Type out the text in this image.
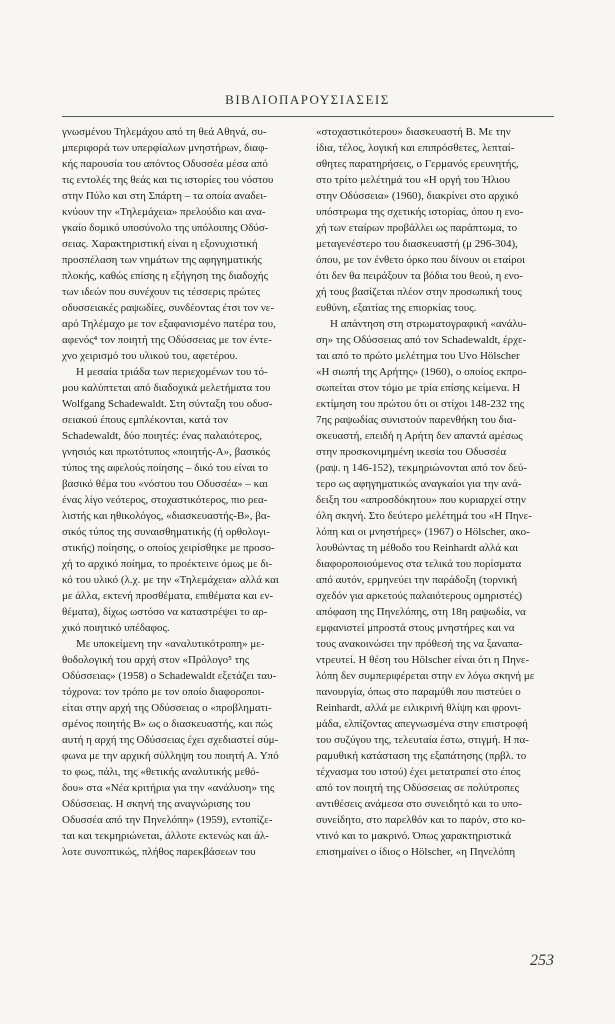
ΒΙΒΛΙΟΠΑΡΟΥΣΙΑΣΕΙΣ
γνωσμένου Τηλεμάχου από τη θεά Αθηνά, συ-
μπεριφορά των υπερφίαλων μνηστήρων, διαφ-
κής παρουσία του απόντος Οδυσσέα μέσα από
τις εντολές της θεάς και τις ιστορίες του νόστου
στην Πύλο και στη Σπάρτη – τα οποία αναδει-
κνύουν την «Τηλεμάχεια» πρελούδιο και ανα-
γκαίο δομικό υποσύνολο της υπόλοιπης Οδύσ-
σειας. Χαρακτηριστική είναι η εξονυχιστική
προσπέλαση των νημάτων της αφηγηματικής
πλοκής, καθώς επίσης η εξήγηση της διαδοχής
των ιδεών που συνέχουν τις τέσσερις πρώτες
οδυσσειακές ραψωδίες, συνδέοντας έτσι τον νε-
αρό Τηλέμαχο με τον εξαφανισμένο πατέρα του,
αφενός⁴ τον ποιητή της Οδύσσειας με τον έντε-
χνο χειρισμό του υλικού του, αφετέρου.
Η μεσαία τριάδα των περιεχομένων του τό-
μου καλύπτεται από διαδοχικά μελετήματα του
Wolfgang Schadewaldt. Στη σύνταξη του οδυσ-
σειακού έπους εμπλέκονται, κατά τον
Schadewaldt, δύο ποιητές: ένας παλαιότερος,
γνησιός και πρωτότυπος «ποιητής-Α», βασικός
τύπος της αφελούς ποίησης – δικό του είναι το
βασικό θέμα του «νόστου του Οδυσσέα» – και
ένας λίγο νεότερος, στοχαστικότερος, πιο ρεα-
λιστής και ηθικολόγος, «διασκευαστής-Β», βα-
σικός τύπος της συναισθηματικής (ή ορθολογι-
στικής) ποίησης, ο οποίος χειρίσθηκε με προσο-
χή το αρχικό ποίημα, το προέκτεινε όμως με δι-
κό του υλικό (λ.χ. με την «Τηλεμάχεια» αλλά και
με άλλα, εκτενή προσθέματα, επιθέματα και εν-
θέματα), δίχως ωστόσο να καταστρέψει το αρ-
χικό ποιητικό υπέδαφος.
Με υποκείμενη την «αναλυτικότροπη» με-
θοδολογική του αρχή στον «Πρόλογο⁵ της
Οδύσσειας» (1958) ο Schadewaldt εξετάζει ταυ-
τόχρονα: τον τρόπο με τον οποίο διαφοροποι-
είται στην αρχή της Οδύσσειας ο «προβληματι-
σμένος ποιητής Β» ως ο διασκευαστής, και πώς
αυτή η αρχή της Οδύσσειας έχει σχεδιαστεί σύμ-
φωνα με την αρχική σύλληψη του ποιητή Α. Υπό
το φως, πάλι, της «θετικής αναλυτικής μεθό-
δου» στα «Νέα κριτήρια για την «ανάλυση» της
Οδύσσειας. Η σκηνή της αναγνώρισης του
Οδυσσέα από την Πηνελόπη» (1959), εντοπίζε-
ται και τεκμηριώνεται, άλλοτε εκτενώς και άλ-
λοτε συνοπτικώς, πλήθος παρεκβάσεων του
«στοχαστικότερου» διασκευαστή Β. Με την
ίδια, τέλος, λογική και επιπρόσθετες, λεπταί-
σθητες παρατηρήσεις, ο Γερμανός ερευνητής,
στο τρίτο μελέτημά του «Η οργή του Ήλιου
στην Οδύσσεια» (1960), διακρίνει στο αρχικό
υπόστρωμα της σχετικής ιστορίας, όπου η ενο-
χή των εταίρων προβάλλει ως παράπτωμα, το
μεταγενέστερο του διασκευαστή (μ 296-304),
όπου, με τον ένθετο όρκο που δίνουν οι εταίροι
ότι δεν θα πειράξουν τα βόδια του θεού, η ενο-
χή τους βασίζεται πλέον στην προσωπική τους
ευθύνη, εξαιτίας της επιορκίας τους.
Η απάντηση στη στρωματογραφική «ανάλυ-
ση» της Οδύσσειας από τον Schadewaldt, έρχε-
ται από το πρώτο μελέτημα του Uvo Hölscher
«Η σιωπή της Αρήτης» (1960), ο οποίος εκπρο-
σωπείται στον τόμο με τρία επίσης κείμενα. Η
εκτίμηση του πρώτου ότι οι στίχοι 148-232 της
7ης ραψωδίας συνιστούν παρενθήκη του δια-
σκευαστή, επειδή η Αρήτη δεν απαντά αμέσως
στην προσκονιμημένη ικεσία του Οδυσσέα
(ραψ. η 146-152), τεκμηριώνονται από τον δεύ-
τερο ως αφηγηματικώς αναγκαίοι για την ανά-
δειξη του «απροσδόκητου» που κυριαρχεί στην
όλη σκηνή. Στο δεύτερο μελέτημά του «Η Πηνε-
λόπη και οι μνηστήρες» (1967) ο Hölscher, ακο-
λουθώντας τη μέθοδο του Reinhardt αλλά και
διαφοροποιούμενος στα τελικά του πορίσματα
από αυτόν, ερμηνεύει την παράδοξη (τορνική
σχεδόν για αρκετούς παλαιότερους ομηριστές)
απόφαση της Πηνελόπης, στη 18η ραψωδία, να
εμφανιστεί μπροστά στους μνηστήρες και να
τους ανακοινώσει την πρόθεσή της να ξαναπα-
ντρευτεί. Η θέση του Hölscher είναι ότι η Πηνε-
λόπη δεν συμπεριφέρεται στην εν λόγω σκηνή με
πανουργία, όπως στο παραμύθι που πιστεύει ο
Reinhardt, αλλά με ειλικρινή θλίψη και φρονι-
μάδα, ελπίζοντας απεγνωσμένα στην επιστροφή
του συζύγου της, τελευταία έστω, στιγμή. Η πα-
ραμυθική κατάσταση της εξαπάτησης (πρβλ. το
τέχνασμα του ιστού) έχει μετατραπεί στο έπος
από τον ποιητή της Οδύσσειας σε πολύτροπες
αντιθέσεις ανάμεσα στο συνειδητό και το υπο-
συνείδητο, στο παρελθόν και το παρόν, στο κο-
ντινό και το μακρινό. Όπως χαρακτηριστικά
επισημαίνει ο ίδιος ο Hölscher, «η Πηνελόπη
253
